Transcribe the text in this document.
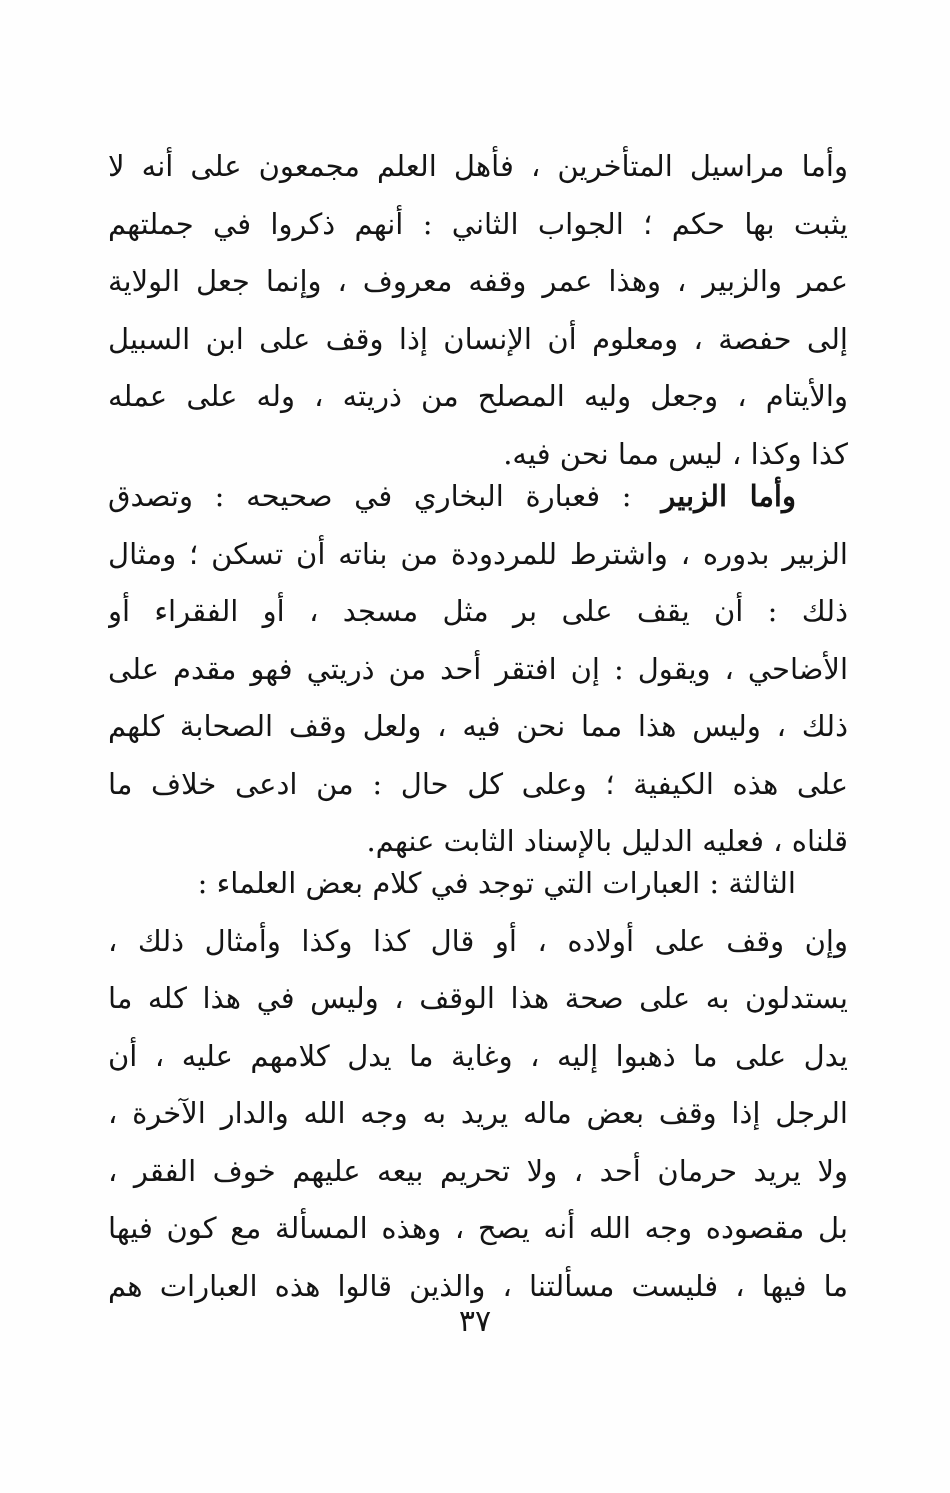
وأما مراسيل المتأخرين ، فأهل العلم مجمعون على أنه لا
يثبت بها حكم ؛ الجواب الثاني : أنهم ذكروا في جملتهم
عمر والزبير ، وهذا عمر وقفه معروف ، وإنما جعل الولاية
إلى حفصة ، ومعلوم أن الإنسان إذا وقف على ابن السبيل
والأيتام ، وجعل وليه المصلح من ذريته ، وله على عمله
كذا وكذا ، ليس مما نحن فيه.
وأما الزبير : فعبارة البخاري في صحيحه : وتصدق
الزبير بدوره ، واشترط للمردودة من بناته أن تسكن ؛ ومثال
ذلك : أن يقف على بر مثل مسجد ، أو الفقراء أو
الأضاحي ، ويقول : إن افتقر أحد من ذريتي فهو مقدم على
ذلك ، وليس هذا مما نحن فيه ، ولعل وقف الصحابة كلهم
على هذه الكيفية ؛ وعلى كل حال : من ادعى خلاف ما
قلناه ، فعليه الدليل بالإسناد الثابت عنهم.
الثالثة : العبارات التي توجد في كلام بعض العلماء :
وإن وقف على أولاده ، أو قال كذا وكذا وأمثال ذلك ،
يستدلون به على صحة هذا الوقف ، وليس في هذا كله ما
يدل على ما ذهبوا إليه ، وغاية ما يدل كلامهم عليه ، أن
الرجل إذا وقف بعض ماله يريد به وجه الله والدار الآخرة ،
ولا يريد حرمان أحد ، ولا تحريم بيعه عليهم خوف الفقر ،
بل مقصوده وجه الله أنه يصح ، وهذه المسألة مع كون فيها
ما فيها ، فليست مسألتنا ، والذين قالوا هذه العبارات هم
٣٧
